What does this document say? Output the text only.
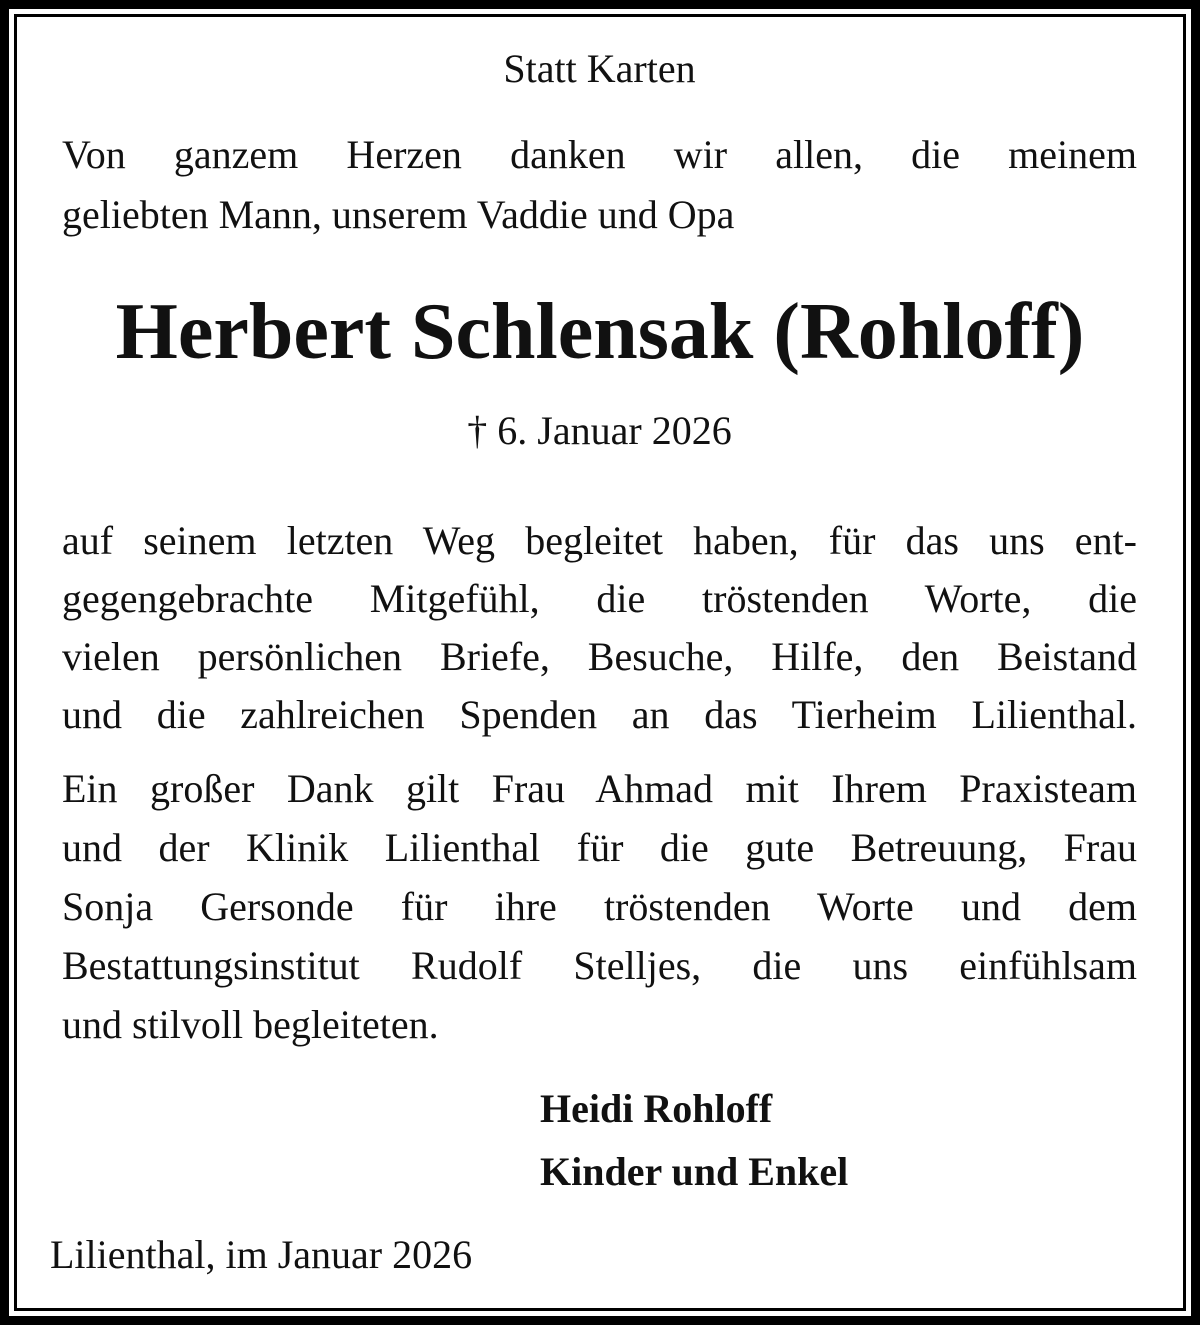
Statt Karten
Von ganzem Herzen danken wir allen, die meinem
geliebten Mann, unserem Vaddie und Opa
Herbert Schlensak (Rohloff)
† 6. Januar 2026
auf seinem letzten Weg begleitet haben, für das uns ent-
gegengebrachte Mitgefühl, die tröstenden Worte, die
vielen persönlichen Briefe, Besuche, Hilfe, den Beistand
und die zahlreichen Spenden an das Tierheim Lilienthal.
Ein großer Dank gilt Frau Ahmad mit Ihrem Praxisteam
und der Klinik Lilienthal für die gute Betreuung, Frau
Sonja Gersonde für ihre tröstenden Worte und dem
Bestattungsinstitut Rudolf Stelljes, die uns einfühlsam
und stilvoll begleiteten.
Heidi Rohloff
Kinder und Enkel
Lilienthal, im Januar 2026
